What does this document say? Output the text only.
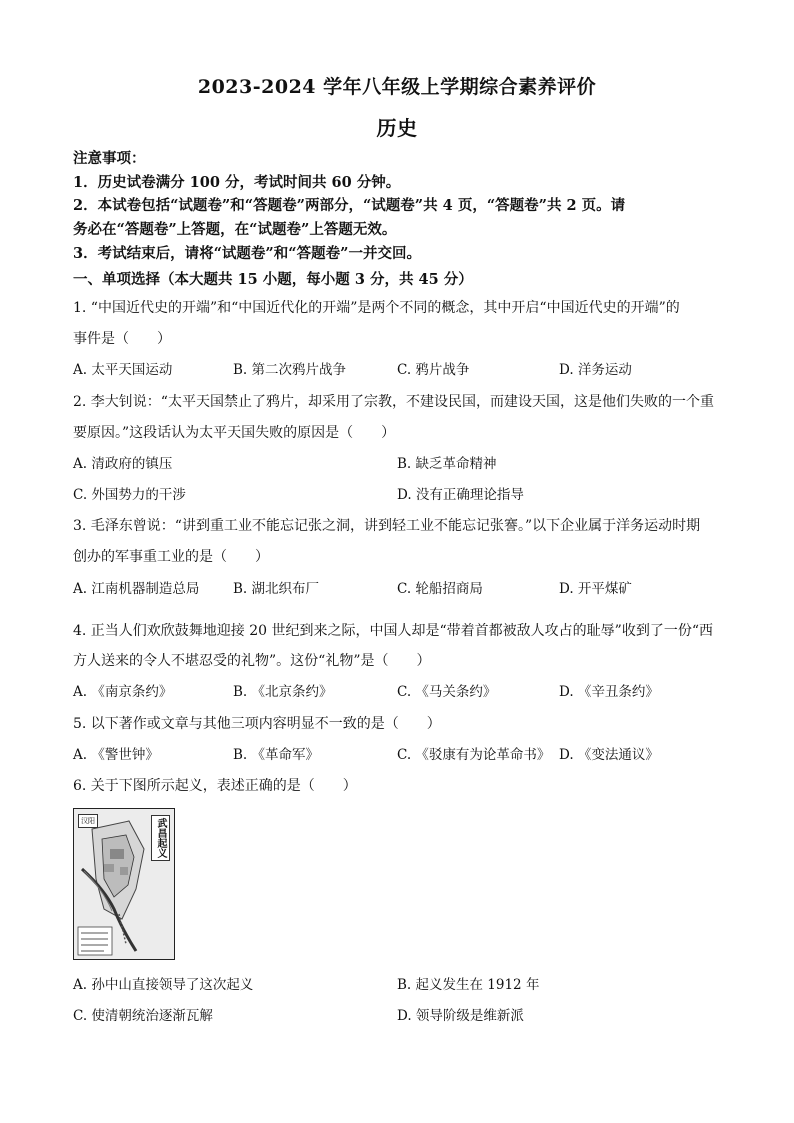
2023-2024 学年八年级上学期综合素养评价
历史
注意事项：
1．历史试卷满分 100 分，考试时间共 60 分钟。
2．本试卷包括“试题卷”和“答题卷”两部分，“试题卷”共 4 页，“答题卷”共 2 页。请
务必在“答题卷”上答题，在“试题卷”上答题无效。
3．考试结束后，请将“试题卷”和“答题卷”一并交回。
一、单项选择（本大题共 15 小题，每小题 3 分，共 45 分）
1. “中国近代史的开端”和“中国近代化的开端”是两个不同的概念，其中开启“中国近代史的开端”的
事件是（　　）
A. 太平天国运动	B. 第二次鸦片战争	C. 鸦片战争	D. 洋务运动
2. 李大钊说：“太平天国禁止了鸦片，却采用了宗教，不建设民国，而建设天国，这是他们失败的一个重
要原因。”这段话认为太平天国失败的原因是（　　）
A. 清政府的镇压	B. 缺乏革命精神
C. 外国势力的干涉	D. 没有正确理论指导
3. 毛泽东曾说：“讲到重工业不能忘记张之洞，讲到轻工业不能忘记张謇。”以下企业属于洋务运动时期
创办的军事重工业的是（　　）
A. 江南机器制造总局 B. 湖北织布厂	C. 轮船招商局	D. 开平煤矿
4. 正当人们欢欣鼓舞地迎接 20 世纪到来之际，中国人却是“带着首都被敌人攻占的耻辱”收到了一份“西
方人送来的令人不堪忍受的礼物”。这份“礼物”是（　　）
A. 《南京条约》	B. 《北京条约》	C. 《马关条约》	D. 《辛丑条约》
5. 以下著作或文章与其他三项内容明显不一致的是（　　）
A. 《警世钟》	B. 《革命军》	C. 《驳康有为论革命书》 D. 《变法通议》
6. 关于下图所示起义，表述正确的是（　　）
武昌起义
汉阳
A. 孙中山直接领导了这次起义	B. 起义发生在 1912 年
C. 使清朝统治逐渐瓦解	D. 领导阶级是维新派
